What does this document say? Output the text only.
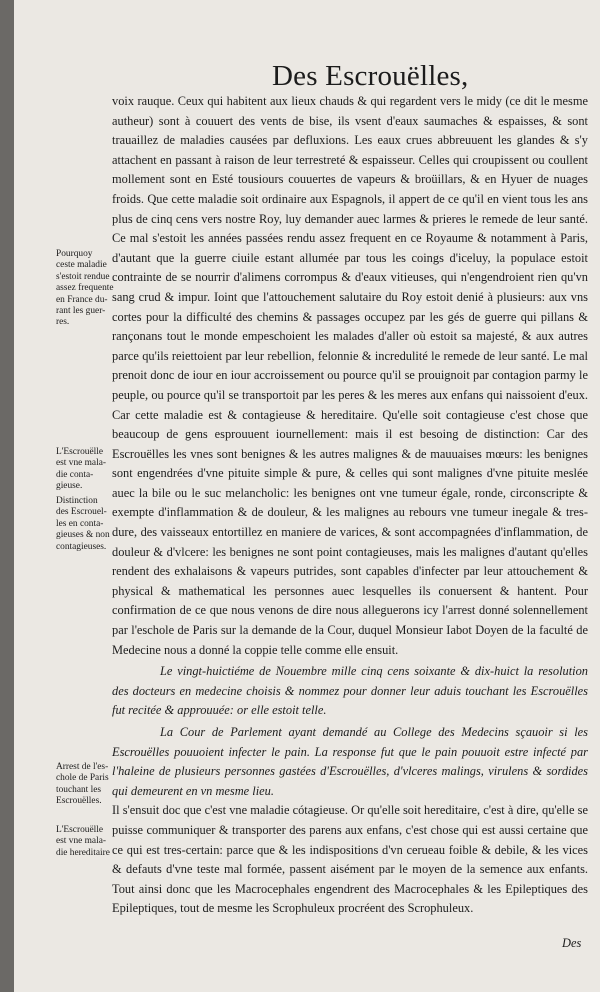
Des Escrouëlles,
Pourquoy
ceste maladie
s'estoit rendue
assez frequente
en France du-
rant les guer-
res.
L'Escrouëlle
est vne mala-
die conta-
gieuse.
Distinction
des Escrouel-
les en conta-
gieuses & non
contagieuses.
Arrest de l'es-
chole de Paris
touchant les
Escrouëlles.
L'Escrouëlle
est vne mala-
die hereditaire

voix rauque. Ceux qui habitent aux lieux chauds & qui regardent vers le midy (ce dit le mesme autheur) sont à couuert des vents de bise, ils vsent d'eaux saumaches & espaisses, & sont trauaillez de maladies causées par defluxions. Les eaux crues abbreuuent les glandes & s'y attachent en passant à raison de leur terrestreté & espaisseur. Celles qui croupissent ou coullent mollement sont en Esté tousiours couuertes de vapeurs & broüillars, & en Hyuer de nuages froids. Que cette maladie soit ordinaire aux Espagnols, il appert de ce qu'il en vient tous les ans plus de cinq cens vers nostre Roy, luy demander auec larmes & prieres le remede de leur santé. Ce mal s'estoit les années passées rendu assez frequent en ce Royaume & notamment à Paris, d'autant que la guerre ciuile estant allumée par tous les coings d'iceluy, la populace estoit contrainte de se nourrir d'alimens corrompus & d'eaux vitieuses, qui n'engendroient rien qu'vn sang crud & impur. Ioint que l'attouchement salutaire du Roy estoit denié à plusieurs: aux vns cortes pour la difficulté des chemins & passages occupez par les gés de guerre qui pillans & rançonans tout le monde empeschoient les malades d'aller où estoit sa majesté, & aux autres parce qu'ils reiettoient par leur rebellion, felonnie & incredulité le remede de leur santé. Le mal prenoit donc de iour en iour accroissement ou pource qu'il se prouignoit par contagion parmy le peuple, ou pource qu'il se transportoit par les peres & les meres aux enfans qui naissoient d'eux. Car cette maladie est & contagieuse & hereditaire. Qu'elle soit contagieuse c'est chose que beaucoup de gens esprouuent iournellement: mais il est besoing de distinction: Car des Escrouëlles les vnes sont benignes & les autres malignes & de mauuaises mœurs: les benignes sont engendrées d'vne pituite simple & pure, & celles qui sont malignes d'vne pituite meslée auec la bile ou le suc melancholic: les benignes ont vne tumeur égale, ronde, circonscripte & exempte d'inflammation & de douleur, & les malignes au rebours vne tumeur inegale & tres-dure, des vaisseaux entortillez en maniere de varices, & sont accompagnées d'inflammation, de douleur & d'vlcere: les benignes ne sont point contagieuses, mais les malignes d'autant qu'elles rendent des exhalaisons & vapeurs putrides, sont capables d'infecter par leur attouchement & physical & mathematical les personnes auec lesquelles ils conuersent & hantent. Pour confirmation de ce que nous venons de dire nous alleguerons icy l'arrest donné solennellement par l'eschole de Paris sur la demande de la Cour, duquel Monsieur Iabot Doyen de la faculté de Medecine nous a donné la coppie telle comme elle ensuit.

Le vingt-huictiéme de Nouembre mille cinq cens soixante & dix-huict la resolution des docteurs en medecine choisis & nommez pour donner leur aduis touchant les Escrouëlles fut recitée & approuuée: or elle estoit telle.

La Cour de Parlement ayant demandé au College des Medecins sçauoir si les Escrouëlles pouuoient infecter le pain. La response fut que le pain pouuoit estre infecté par l'haleine de plusieurs personnes gastées d'Escrouëlles, d'vlceres malings, virulens & sordides qui demeurent en vn mesme lieu.

Il s'ensuit doc que c'est vne maladie cótagieuse. Or qu'elle soit hereditaire, c'est à dire, qu'elle se puisse communiquer & transporter des parens aux enfans, c'est chose qui est aussi certaine que ce qui est tres-certain: parce que & les indispositions d'vn cerueau foible & debile, & les vices & defauts d'vne teste mal formée, passent aisément par le moyen de la semence aux enfants. Tout ainsi donc que les Macrocephales engendrent des Macrocephales & les Epileptiques des Epileptiques, tout de mesme les Scrophuleux procréent des Scrophuleux.

Des
